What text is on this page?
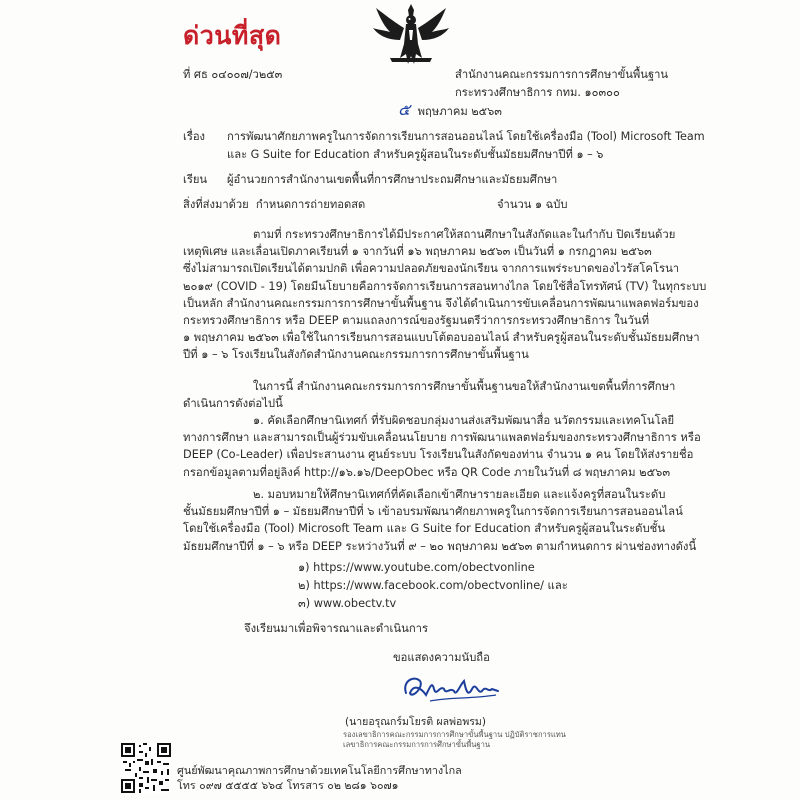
ด่วนที่สุด
ที่ ศธ ๐๔๐๐๗/ว๒๕๓	สำนักงานคณะกรรมการการศึกษาขั้นพื้นฐาน
กระทรวงศึกษาธิการ กทม. ๑๐๓๐๐
๕ พฤษภาคม ๒๕๖๓
เรื่อง การพัฒนาศักยภาพครูในการจัดการเรียนการสอนออนไลน์ โดยใช้เครื่องมือ (Tool) Microsoft Team
และ G Suite for Education สำหรับครูผู้สอนในระดับชั้นมัธยมศึกษาปีที่ ๑ – ๖
เรียน ผู้อำนวยการสำนักงานเขตพื้นที่การศึกษาประถมศึกษาและมัธยมศึกษา
สิ่งที่ส่งมาด้วย กำหนดการถ่ายทอดสด	จำนวน ๑ ฉบับ
ตามที่ กระทรวงศึกษาธิการได้มีประกาศให้สถานศึกษาในสังกัดและในกำกับ ปิดเรียนด้วย
เหตุพิเศษ และเลื่อนเปิดภาคเรียนที่ ๑ จากวันที่ ๑๖ พฤษภาคม ๒๕๖๓ เป็นวันที่ ๑ กรกฎาคม ๒๕๖๓
ซึ่งไม่สามารถเปิดเรียนได้ตามปกติ เพื่อความปลอดภัยของนักเรียน จากการแพร่ระบาดของไวรัสโคโรนา
๒๐๑๙ (COVID - 19) โดยมีนโยบายคือการจัดการเรียนการสอนทางไกล โดยใช้สื่อโทรทัศน์ (TV) ในทุกระบบ
เป็นหลัก สำนักงานคณะกรรมการการศึกษาขั้นพื้นฐาน จึงได้ดำเนินการขับเคลื่อนการพัฒนาแพลตฟอร์มของ
กระทรวงศึกษาธิการ หรือ DEEP ตามแถลงการณ์ของรัฐมนตรีว่าการกระทรวงศึกษาธิการ ในวันที่
๑ พฤษภาคม ๒๕๖๓ เพื่อใช้ในการเรียนการสอนแบบโต้ตอบออนไลน์ สำหรับครูผู้สอนในระดับชั้นมัธยมศึกษา
ปีที่ ๑ – ๖ โรงเรียนในสังกัดสำนักงานคณะกรรมการการศึกษาขั้นพื้นฐาน
ในการนี้ สำนักงานคณะกรรมการการศึกษาขั้นพื้นฐานขอให้สำนักงานเขตพื้นที่การศึกษา
ดำเนินการดังต่อไปนี้
๑. คัดเลือกศึกษานิเทศก์ ที่รับผิดชอบกลุ่มงานส่งเสริมพัฒนาสื่อ นวัตกรรมและเทคโนโลยี
ทางการศึกษา และสามารถเป็นผู้ร่วมขับเคลื่อนนโยบาย การพัฒนาแพลตฟอร์มของกระทรวงศึกษาธิการ หรือ
DEEP (Co-Leader) เพื่อประสานงาน ศูนย์ระบบ โรงเรียนในสังกัดของท่าน จำนวน ๑ คน โดยให้ส่งรายชื่อ
กรอกข้อมูลตามที่อยู่ลิงค์ http://๑๖.๑๖/DeepObec หรือ QR Code ภายในวันที่ ๘ พฤษภาคม ๒๕๖๓
๒. มอบหมายให้ศึกษานิเทศก์ที่คัดเลือกเข้าศึกษารายละเอียด และแจ้งครูที่สอนในระดับ
ชั้นมัธยมศึกษาปีที่ ๑ – มัธยมศึกษาปีที่ ๖ เข้าอบรมพัฒนาศักยภาพครูในการจัดการเรียนการสอนออนไลน์
โดยใช้เครื่องมือ (Tool) Microsoft Team และ G Suite for Education สำหรับครูผู้สอนในระดับชั้น
มัธยมศึกษาปีที่ ๑ – ๖ หรือ DEEP ระหว่างวันที่ ๙ – ๒๐ พฤษภาคม ๒๕๖๓ ตามกำหนดการ ผ่านช่องทางดังนี้
๑) https://www.youtube.com/obectvonline
๒) https://www.facebook.com/obectvonline/ และ
๓) www.obectv.tv
จึงเรียนมาเพื่อพิจารณาและดำเนินการ
ขอแสดงความนับถือ
(นายอรุณกร์มโยรติ ผลพ่อพรม)
รองเลขาธิการคณะกรรมการการศึกษาขั้นพื้นฐาน ปฏิบัติราชการแทน
เลขาธิการคณะกรรมการการศึกษาขั้นพื้นฐาน
ศูนย์พัฒนาคุณภาพการศึกษาด้วยเทคโนโลยีการศึกษาทางไกล
โทร ๐๙๗ ๕๕๕๕ ๖๖๔ โทรสาร ๐๒ ๒๘๑ ๖๐๗๑
